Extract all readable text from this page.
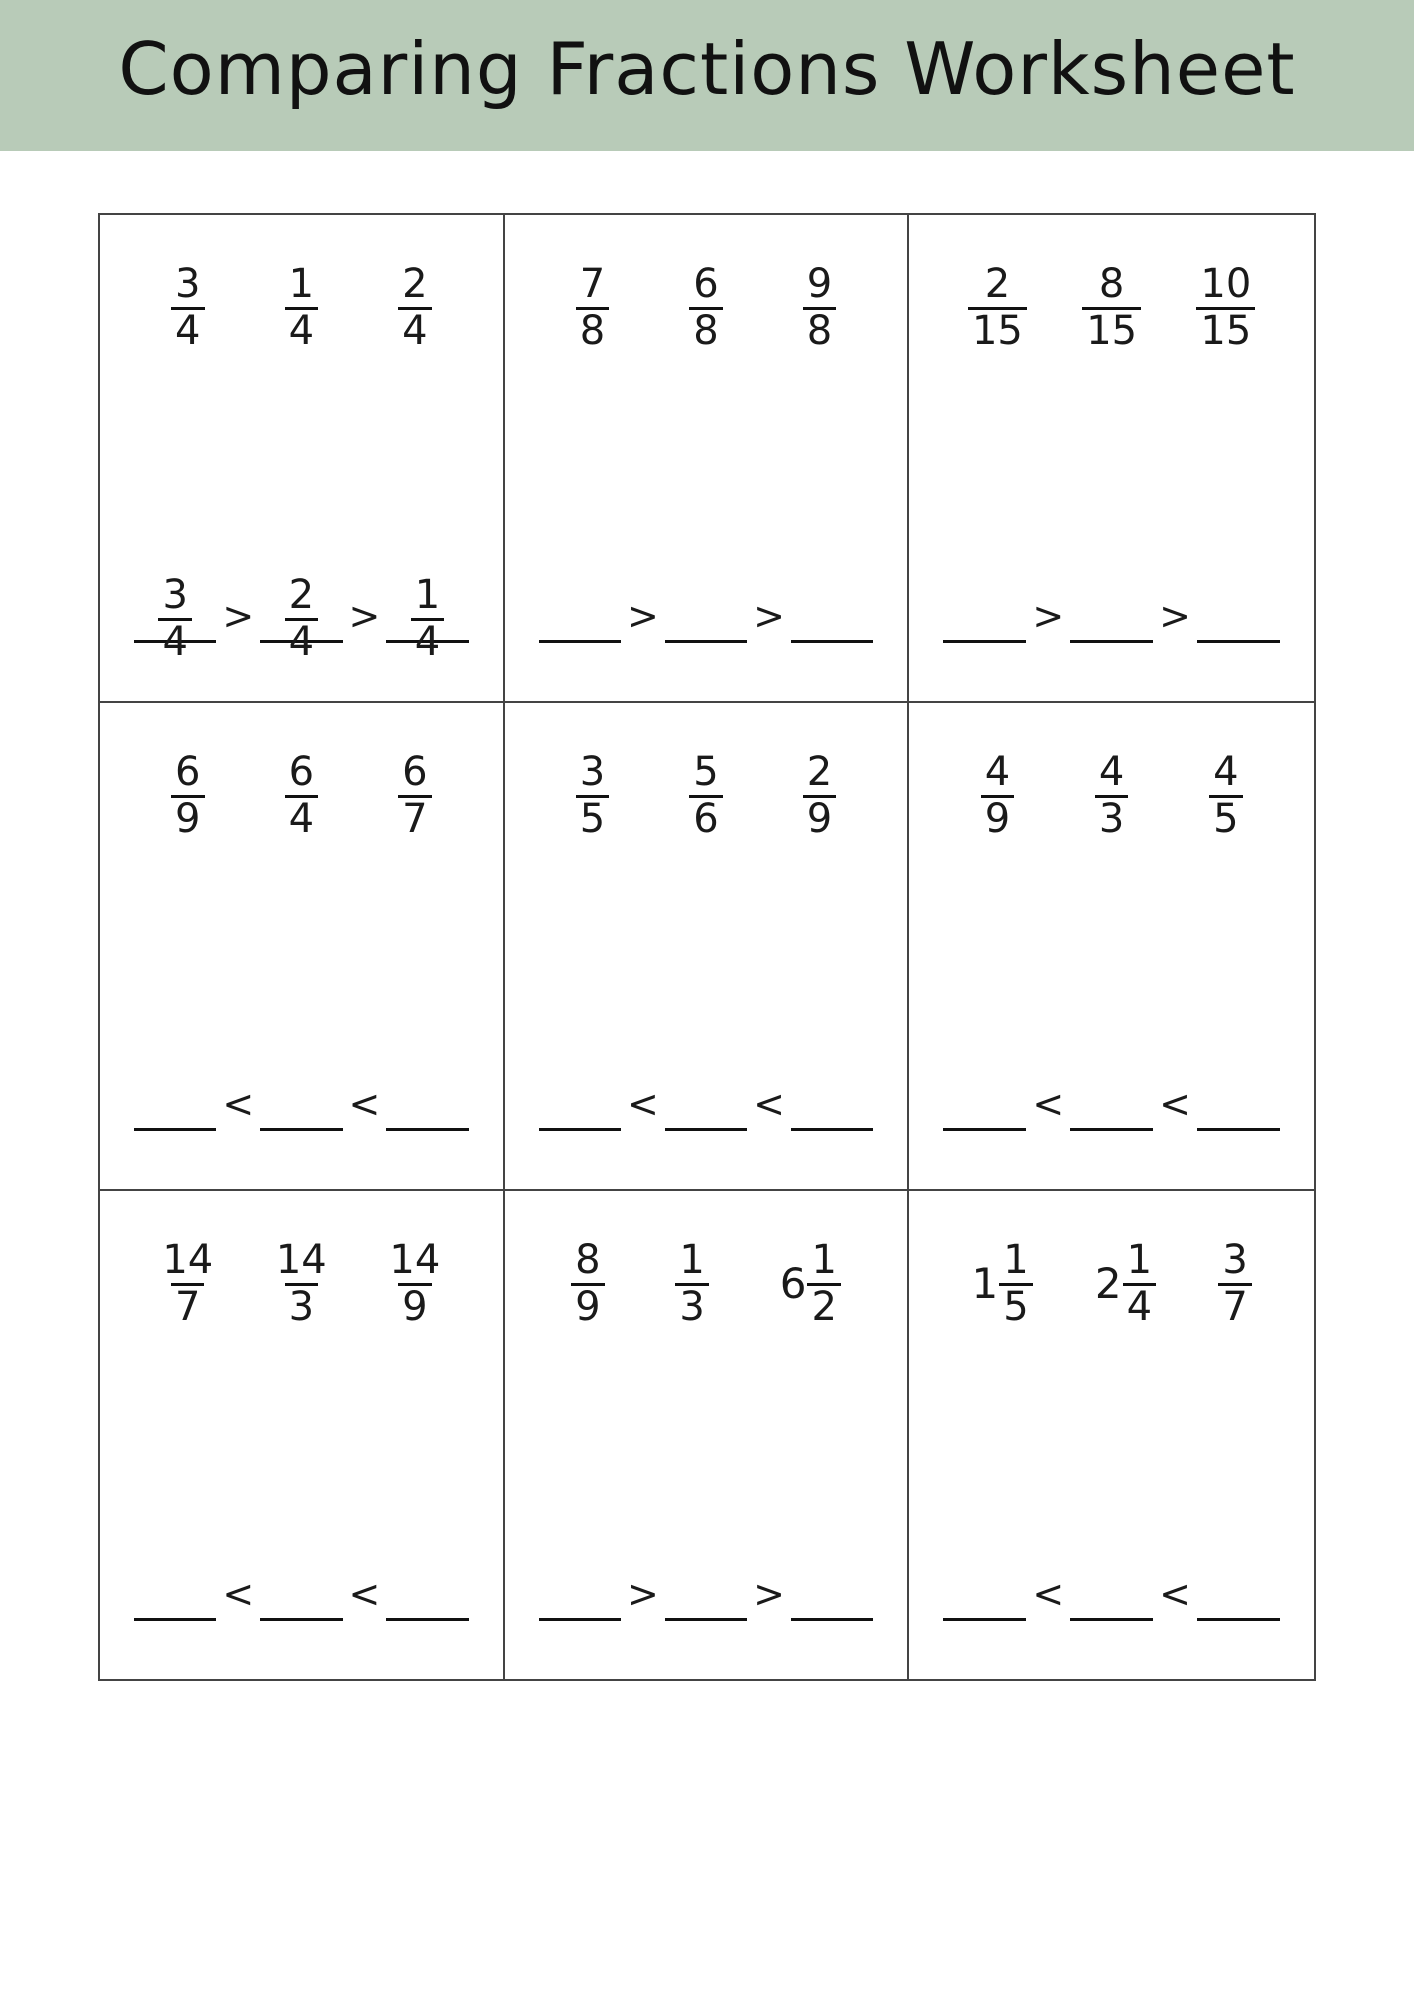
Comparing Fractions Worksheet
$\frac{3}{4} \frac{1}{4} \frac{2}{4}$
$\frac{3}{4} > \frac{2}{4} > \frac{1}{4}$
$\frac{7}{8} \frac{6}{8} \frac{9}{8}$
> >
$\frac{2}{15} \frac{8}{15} \frac{10}{15}$
> >
$\frac{6}{9} \frac{6}{4} \frac{6}{7}$
< <
$\frac{3}{5} \frac{5}{6} \frac{2}{9}$
< <
$\frac{4}{9} \frac{4}{3} \frac{4}{5}$
< <
$\frac{14}{7} \frac{14}{3} \frac{14}{9}$
< <
$\frac{8}{9} \frac{1}{3} 6 \frac{1}{2}$
> >
$1 \frac{1}{5} 2 \frac{1}{4} \frac{3}{7}$
< <
